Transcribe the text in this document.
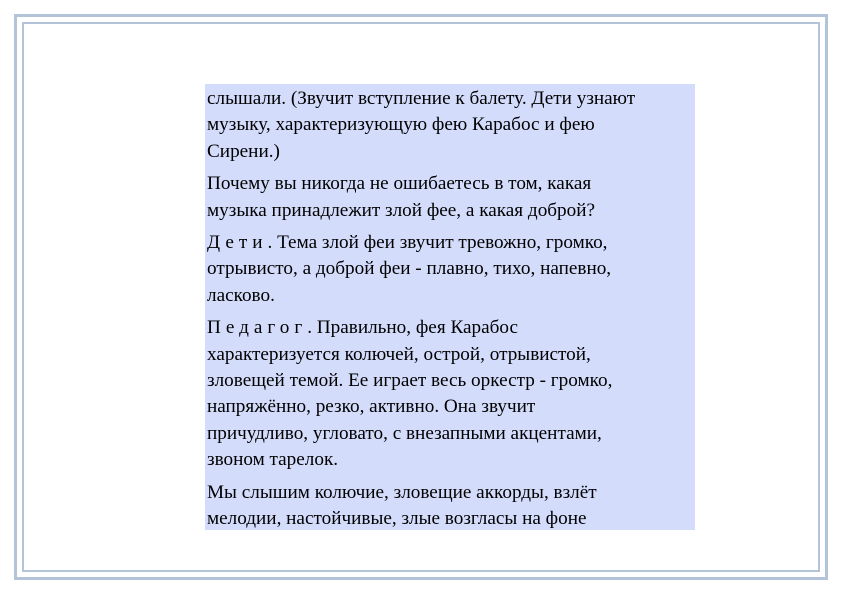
слышали. (Звучит вступление к балету. Дети узнают
музыку, характеризующую фею Карабос и фею
Сирени.)
Почему вы никогда не ошибаетесь в том, какая
музыка принадлежит злой фее, а какая доброй?
Дети. Тема злой феи звучит тревожно, громко,
отрывисто, а доброй феи - плавно, тихо, напевно,
ласково.
Педагог. Правильно, фея Карабос
характеризуется колючей, острой, отрывистой,
зловещей темой. Ее играет весь оркестр - громко,
напряжённо, резко, активно. Она звучит
причудливо, угловато, с внезапными акцентами,
звоном тарелок.
Мы слышим колючие, зловещие аккорды, взлёт
мелодии, настойчивые, злые возгласы на фоне
